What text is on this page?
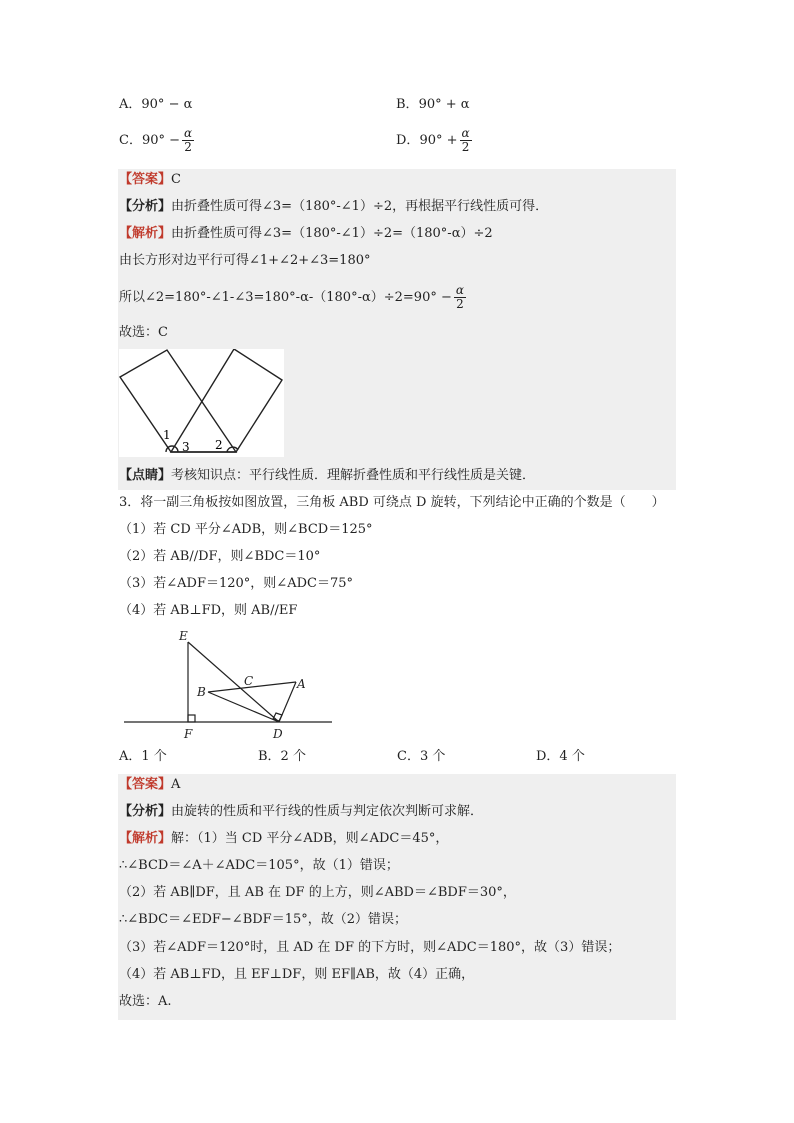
A．90° − α	B．90° + α
C．$90^\circ - \frac{\alpha}{2}$	D．$90^\circ + \frac{\alpha}{2}$
【答案】C
【分析】由折叠性质可得∠3=（180°-∠1）÷2，再根据平行线性质可得．
【解析】由折叠性质可得∠3=（180°-∠1）÷2=（180°-α）÷2
由长方形对边平行可得∠1+∠2+∠3=180°
所以∠2=180°-∠1-∠3=180°-α-（180°-α）÷2=90° − $\frac{\alpha}{2}$
故选：C
1
3 2
【点睛】考核知识点：平行线性质．理解折叠性质和平行线性质是关键．
3．将一副三角板按如图放置，三角板 ABD 可绕点 D 旋转，下列结论中正确的个数是（　　）
（1）若 CD 平分∠ADB，则∠BCD＝125°
（2）若 AB//DF，则∠BDC＝10°
（3）若∠ADF＝120°，则∠ADC＝75°
（4）若 AB⊥FD，则 AB//EF
E
B
C	A
F	D
A．1 个	B．2 个	C．3 个	D．4 个
【答案】A
【分析】由旋转的性质和平行线的性质与判定依次判断可求解．
【解析】解：（1）当 CD 平分∠ADB，则∠ADC＝45°，
∴∠BCD＝∠A＋∠ADC＝105°，故（1）错误；
（2）若 AB∥DF，且 AB 在 DF 的上方，则∠ABD＝∠BDF＝30°，
∴∠BDC＝∠EDF−∠BDF＝15°，故（2）错误；
（3）若∠ADF＝120°时，且 AD 在 DF 的下方时，则∠ADC＝180°，故（3）错误；
（4）若 AB⊥FD，且 EF⊥DF，则 EF∥AB，故（4）正确，
故选：A.
